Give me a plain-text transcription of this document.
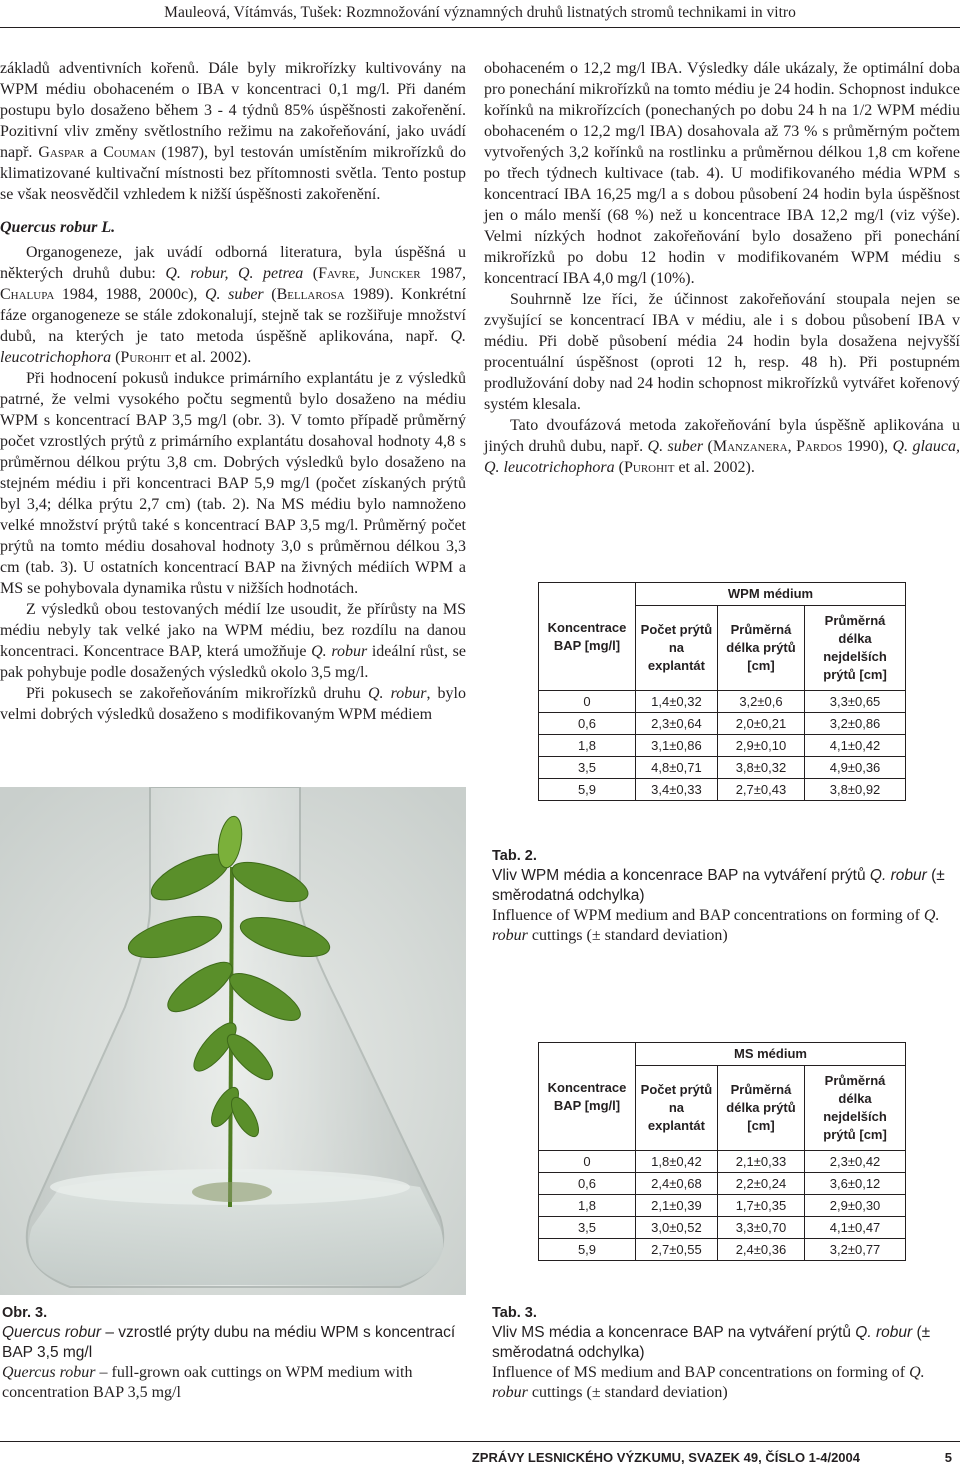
Mauleová, Vítámvás, Tušek: Rozmnožování významných druhů listnatých stromů technikami in vitro

základů adventivních kořenů. Dále byly mikrořízky kultivovány na WPM médiu obohaceném o IBA v koncentraci 0,1 mg/l. Při daném postupu bylo dosaženo během 3 - 4 týdnů 85% úspěšnosti zakořenění. Pozitivní vliv změny světlostního režimu na zakořeňování, jako uvádí např. Gaspar a Couman (1987), byl testován umístěním mikrořízků do klimatizované kultivační místnosti bez přítomnosti světla. Tento postup se však neosvědčil vzhledem k nižší úspěšnosti zakořenění.

Quercus robur L.

Organogeneze, jak uvádí odborná literatura, byla úspěšná u některých druhů dubu: Q. robur, Q. petrea (Favre, Juncker 1987, Chalupa 1984, 1988, 2000c), Q. suber (Bellarosa 1989). Konkrétní fáze organogeneze se stále zdokonalují, stejně tak se rozšiřuje množství dubů, na kterých je tato metoda úspěšně aplikována, např. Q. leucotrichophora (Purohit et al. 2002).

Při hodnocení pokusů indukce primárního explantátu je z výsledků patrné, že velmi vysokého počtu segmentů bylo dosaženo na médiu WPM s koncentrací BAP 3,5 mg/l (obr. 3). V tomto případě průměrný počet vzrostlých prýtů z primárního explantátu dosahoval hodnoty 4,8 s průměrnou délkou prýtu 3,8 cm. Dobrých výsledků bylo dosaženo na stejném médiu i při koncentraci BAP 5,9 mg/l (počet získaných prýtů byl 3,4; délka prýtu 2,7 cm) (tab. 2). Na MS médiu bylo namnoženo velké množství prýtů také s koncentrací BAP 3,5 mg/l. Průměrný počet prýtů na tomto médiu dosahoval hodnoty 3,0 s průměrnou délkou 3,3 cm (tab. 3). U ostatních koncentrací BAP na živných médiích WPM a MS se pohybovala dynamika růstu v nižších hodnotách.

Z výsledků obou testovaných médií lze usoudit, že přírůsty na MS médiu nebyly tak velké jako na WPM médiu, bez rozdílu na danou koncentraci. Koncentrace BAP, která umožňuje Q. robur ideální růst, se pak pohybuje podle dosažených výsledků okolo 3,5 mg/l.

Při pokusech se zakořeňováním mikrořízků druhu Q. robur, bylo velmi dobrých výsledků dosaženo s modifikovaným WPM médiem

obohaceném o 12,2 mg/l IBA. Výsledky dále ukázaly, že optimální doba pro ponechání mikrořízků na tomto médiu je 24 hodin. Schopnost indukce kořínků na mikrořízcích (ponechaných po dobu 24 h na 1/2 WPM médiu obohaceném o 12,2 mg/l IBA) dosahovala až 73 % s průměrným počtem vytvořených 3,2 kořínků na rostlinku a průměrnou délkou 1,8 cm kořene po třech týdnech kultivace (tab. 4). U modifikovaného média WPM s koncentrací IBA 16,25 mg/l a s dobou působení 24 hodin byla úspěšnost jen o málo menší (68 %) než u koncentrace IBA 12,2 mg/l (viz výše). Velmi nízkých hodnot zakořeňování bylo dosaženo při ponechání mikrořízků po dobu 12 hodin v modifikovaném WPM médiu s koncentrací IBA 4,0 mg/l (10%).

Souhrnně lze říci, že účinnost zakořeňování stoupala nejen se zvyšující se koncentrací IBA v médiu, ale i s dobou působení IBA v médiu. Při době působení média 24 hodin byla dosažena nejvyšší procentuální úspěšnost (oproti 12 h, resp. 48 h). Při postupném prodlužování doby nad 24 hodin schopnost mikrořízků vytvářet kořenový systém klesala.

Tato dvoufázová metoda zakořeňování byla úspěšně aplikována u jiných druhů dubu, např. Q. suber (Manzanera, Pardos 1990), Q. glauca, Q. leucotrichophora (Purohit et al. 2002).

Koncentrace BAP [mg/l]	WPM médium		
	Počet prýtů na explantát	Průměrná délka prýtů [cm]	Průměrná délka nejdelších prýtů [cm]
0	1,4±0,32	3,2±0,6	3,3±0,65
0,6	2,3±0,64	2,0±0,21	3,2±0,86
1,8	3,1±0,86	2,9±0,10	4,1±0,42
3,5	4,8±0,71	3,8±0,32	4,9±0,36
5,9	3,4±0,33	2,7±0,43	3,8±0,92
Tab. 2.
Vliv WPM média a koncenrace BAP na vytváření prýtů Q. robur (± směrodatná odchylka)
Influence of WPM medium and BAP concentrations on forming of Q. robur cuttings (± standard deviation)
Koncentrace BAP [mg/l]	MS médium		
	Počet prýtů na explantát	Průměrná délka prýtů [cm]	Průměrná délka nejdelších prýtů [cm]
0	1,8±0,42	2,1±0,33	2,3±0,42
0,6	2,4±0,68	2,2±0,24	3,6±0,12
1,8	2,1±0,39	1,7±0,35	2,9±0,30
3,5	3,0±0,52	3,3±0,70	4,1±0,47
5,9	2,7±0,55	2,4±0,36	3,2±0,77
Tab. 3.
Vliv MS média a koncenrace BAP na vytváření prýtů Q. robur (± směrodatná odchylka)
Influence of MS medium and BAP concentrations on forming of Q. robur cuttings (± standard deviation)
Obr. 3.
Quercus robur – vzrostlé prýty dubu na médiu WPM s koncentrací BAP 3,5 mg/l
Quercus robur – full-grown oak cuttings on WPM medium with concentration BAP 3,5 mg/l
ZPRÁVY LESNICKÉHO VÝZKUMU, SVAZEK 49, ČÍSLO 1-4/2004	5
